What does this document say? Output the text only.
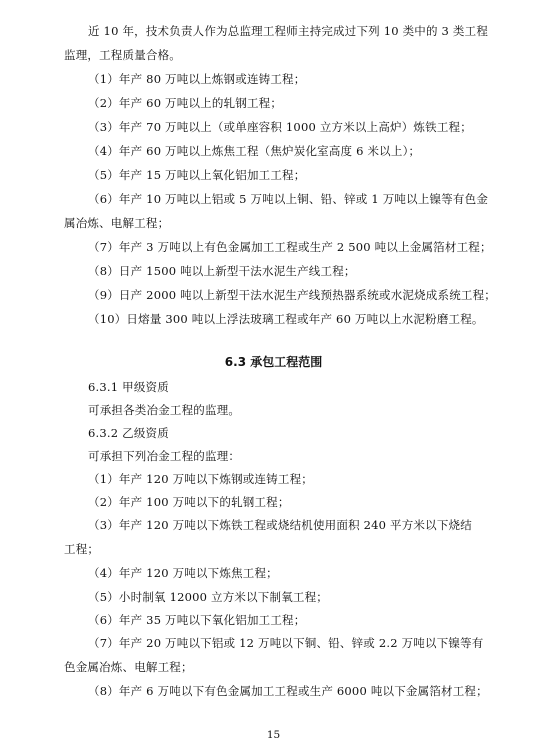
近 10 年，技术负责人作为总监理工程师主持完成过下列 10 类中的 3 类工程
监理，工程质量合格。
（1）年产 80 万吨以上炼钢或连铸工程；
（2）年产 60 万吨以上的轧钢工程；
（3）年产 70 万吨以上（或单座容积 1000 立方米以上高炉）炼铁工程；
（4）年产 60 万吨以上炼焦工程（焦炉炭化室高度 6 米以上）；
（5）年产 15 万吨以上氧化铝加工工程；
（6）年产 10 万吨以上铝或 5 万吨以上铜、铅、锌或 1 万吨以上镍等有色金
属冶炼、电解工程；
（7）年产 3 万吨以上有色金属加工工程或生产 2 500 吨以上金属箔材工程；
（8）日产 1500 吨以上新型干法水泥生产线工程；
（9）日产 2000 吨以上新型干法水泥生产线预热器系统或水泥烧成系统工程；
（10）日熔量 300 吨以上浮法玻璃工程或年产 60 万吨以上水泥粉磨工程。
6.3 承包工程范围
6.3.1 甲级资质
可承担各类冶金工程的监理。
6.3.2 乙级资质
可承担下列冶金工程的监理：
（1）年产 120 万吨以下炼钢或连铸工程；
（2）年产 100 万吨以下的轧钢工程；
（3）年产 120 万吨以下炼铁工程或烧结机使用面积 240 平方米以下烧结
工程；
（4）年产 120 万吨以下炼焦工程；
（5）小时制氧 12000 立方米以下制氧工程；
（6）年产 35 万吨以下氧化铝加工工程；
（7）年产 20 万吨以下铝或 12 万吨以下铜、铅、锌或 2.2 万吨以下镍等有
色金属冶炼、电解工程；
（8）年产 6 万吨以下有色金属加工工程或生产 6000 吨以下金属箔材工程；
15
